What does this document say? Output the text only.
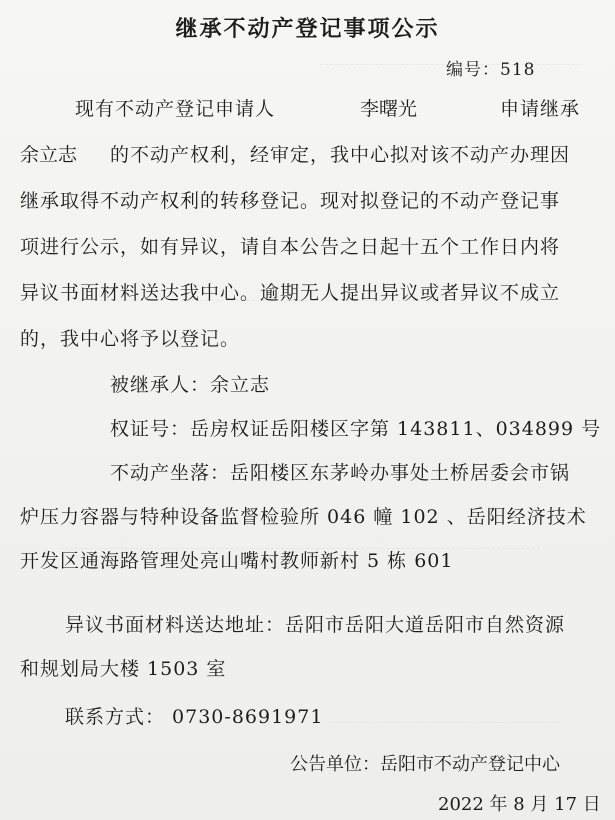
继承不动产登记事项公示
编号：518
现有不动产登记申请人	李曙光	申请继承
余立志 的不动产权利，经审定，我中心拟对该不动产办理因
继承取得不动产权利的转移登记。现对拟登记的不动产登记事
项进行公示，如有异议，请自本公告之日起十五个工作日内将
异议书面材料送达我中心。逾期无人提出异议或者异议不成立
的，我中心将予以登记。
被继承人：余立志
权证号：岳房权证岳阳楼区字第 143811、034899 号
不动产坐落：岳阳楼区东茅岭办事处土桥居委会市锅
炉压力容器与特种设备监督检验所 046 幢 102 、岳阳经济技术
开发区通海路管理处亮山嘴村教师新村 5 栋 601
异议书面材料送达地址：岳阳市岳阳大道岳阳市自然资源
和规划局大楼 1503 室
联系方式： 0730-8691971
公告单位：岳阳市不动产登记中心
2022 年 8 月 17 日
